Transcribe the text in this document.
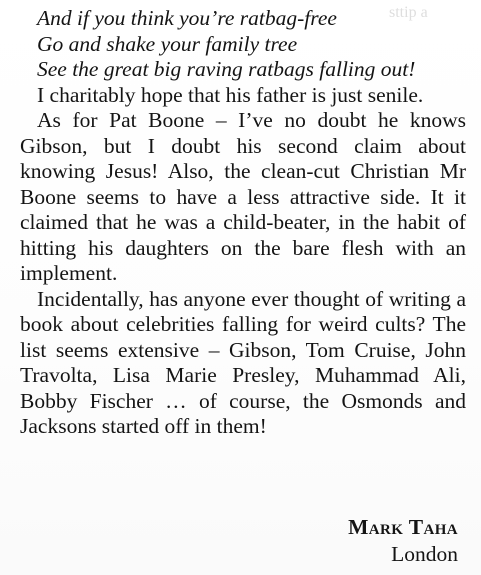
sttip a
And if you think you’re ratbag-free
Go and shake your family tree
See the great big raving ratbags falling out!

I charitably hope that his father is just senile.

As for Pat Boone – I’ve no doubt he knows Gibson, but I doubt his second claim about knowing Jesus! Also, the clean-cut Christian Mr Boone seems to have a less attractive side. It it claimed that he was a child-beater, in the habit of hitting his daughters on the bare flesh with an implement.

Incidentally, has anyone ever thought of writing a book about celebrities falling for weird cults? The list seems extensive – Gibson, Tom Cruise, John Travolta, Lisa Marie Presley, Muhammad Ali, Bobby Fischer … of course, the Osmonds and Jacksons started off in them!

Mark Taha
London
